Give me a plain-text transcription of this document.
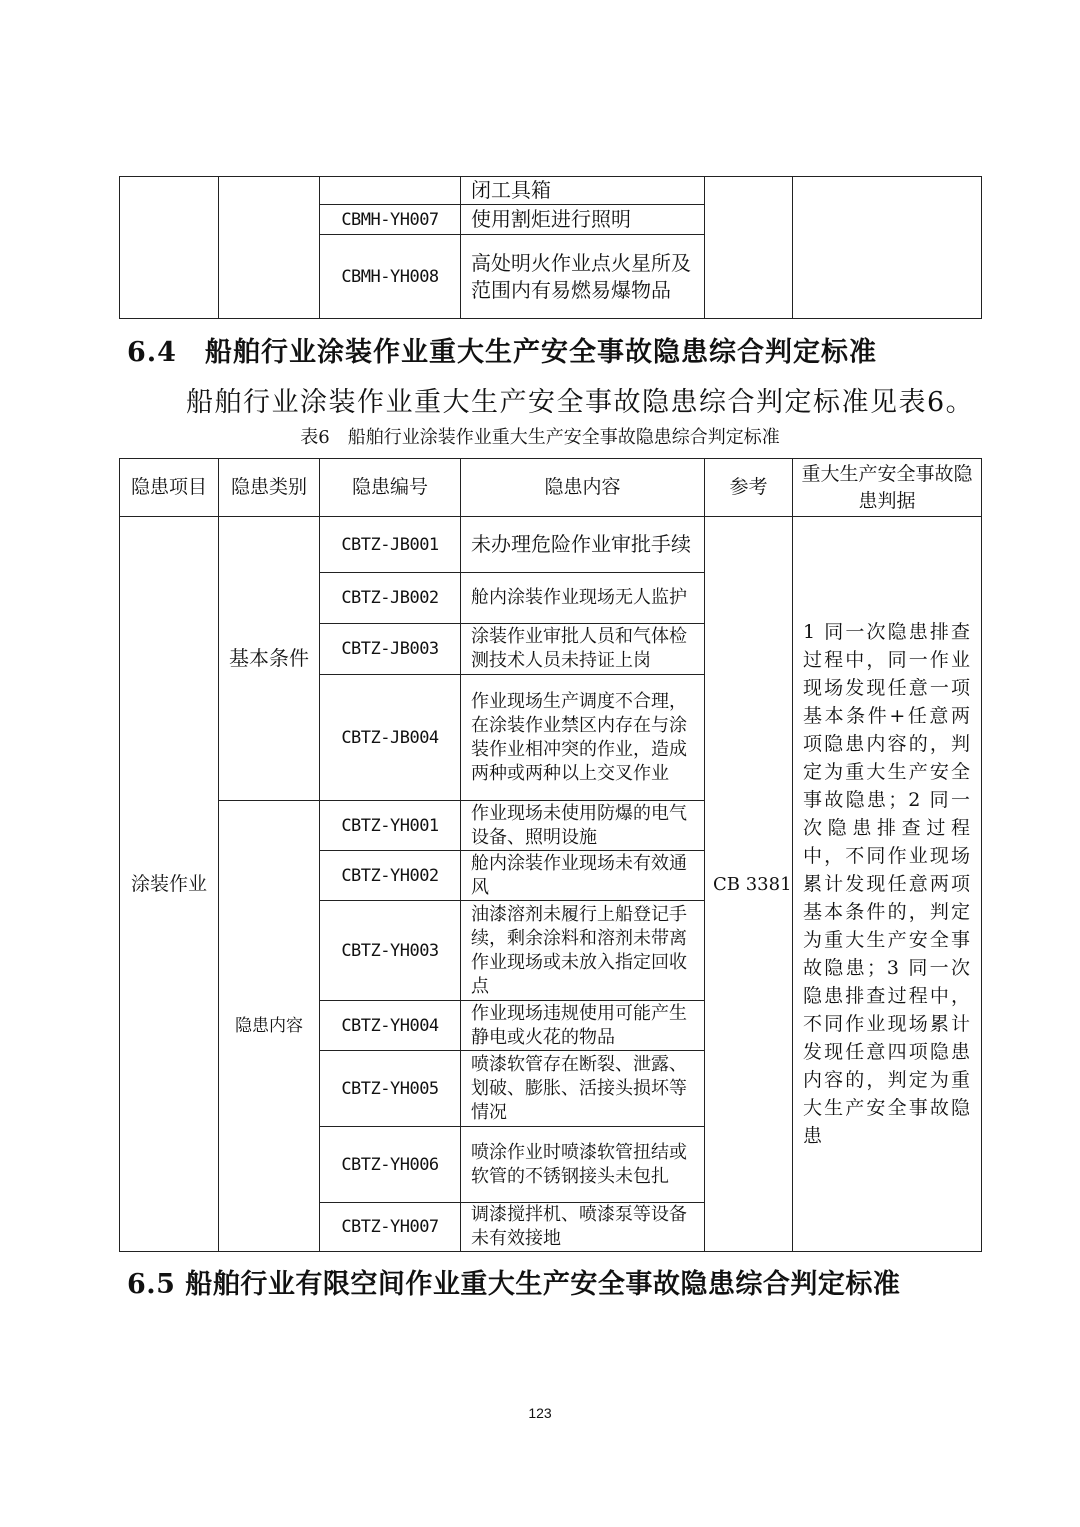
			闭工具箱		
		CBMH-YH007	使用割炬进行照明		
		CBMH-YH008	高处明火作业点火星所及范围内有易燃易爆物品		
6.4　船舶行业涂装作业重大生产安全事故隐患综合判定标准
船舶行业涂装作业重大生产安全事故隐患综合判定标准见表6。
表6　船舶行业涂装作业重大生产安全事故隐患综合判定标准
隐患项目	隐患类别	隐患编号	隐患内容	参考	重大生产安全事故隐患判据
涂装作业	基本条件	CBTZ-JB001	未办理危险作业审批手续	CB 3381	1 同一次隐患排查过程中，同一作业现场发现任意一项基本条件+任意两项隐患内容的，判定为重大生产安全事故隐患；2 同一次隐患排查过程中，不同作业现场累计发现任意两项基本条件的，判定为重大生产安全事故隐患；3 同一次隐患排查过程中，不同作业现场累计发现任意四项隐患内容的，判定为重大生产安全事故隐患
		CBTZ-JB002	舱内涂装作业现场无人监护		
		CBTZ-JB003	涂装作业审批人员和气体检测技术人员未持证上岗		
		CBTZ-JB004	作业现场生产调度不合理，在涂装作业禁区内存在与涂装作业相冲突的作业，造成两种或两种以上交叉作业		
	隐患内容	CBTZ-YH001	作业现场未使用防爆的电气设备、照明设施		
		CBTZ-YH002	舱内涂装作业现场未有效通风		
		CBTZ-YH003	油漆溶剂未履行上船登记手续，剩余涂料和溶剂未带离作业现场或未放入指定回收点		
		CBTZ-YH004	作业现场违规使用可能产生静电或火花的物品		
		CBTZ-YH005	喷漆软管存在断裂、泄露、划破、膨胀、活接头损坏等情况		
		CBTZ-YH006	喷涂作业时喷漆软管扭结或软管的不锈钢接头未包扎		
		CBTZ-YH007	调漆搅拌机、喷漆泵等设备未有效接地		
6.5 船舶行业有限空间作业重大生产安全事故隐患综合判定标准
123
